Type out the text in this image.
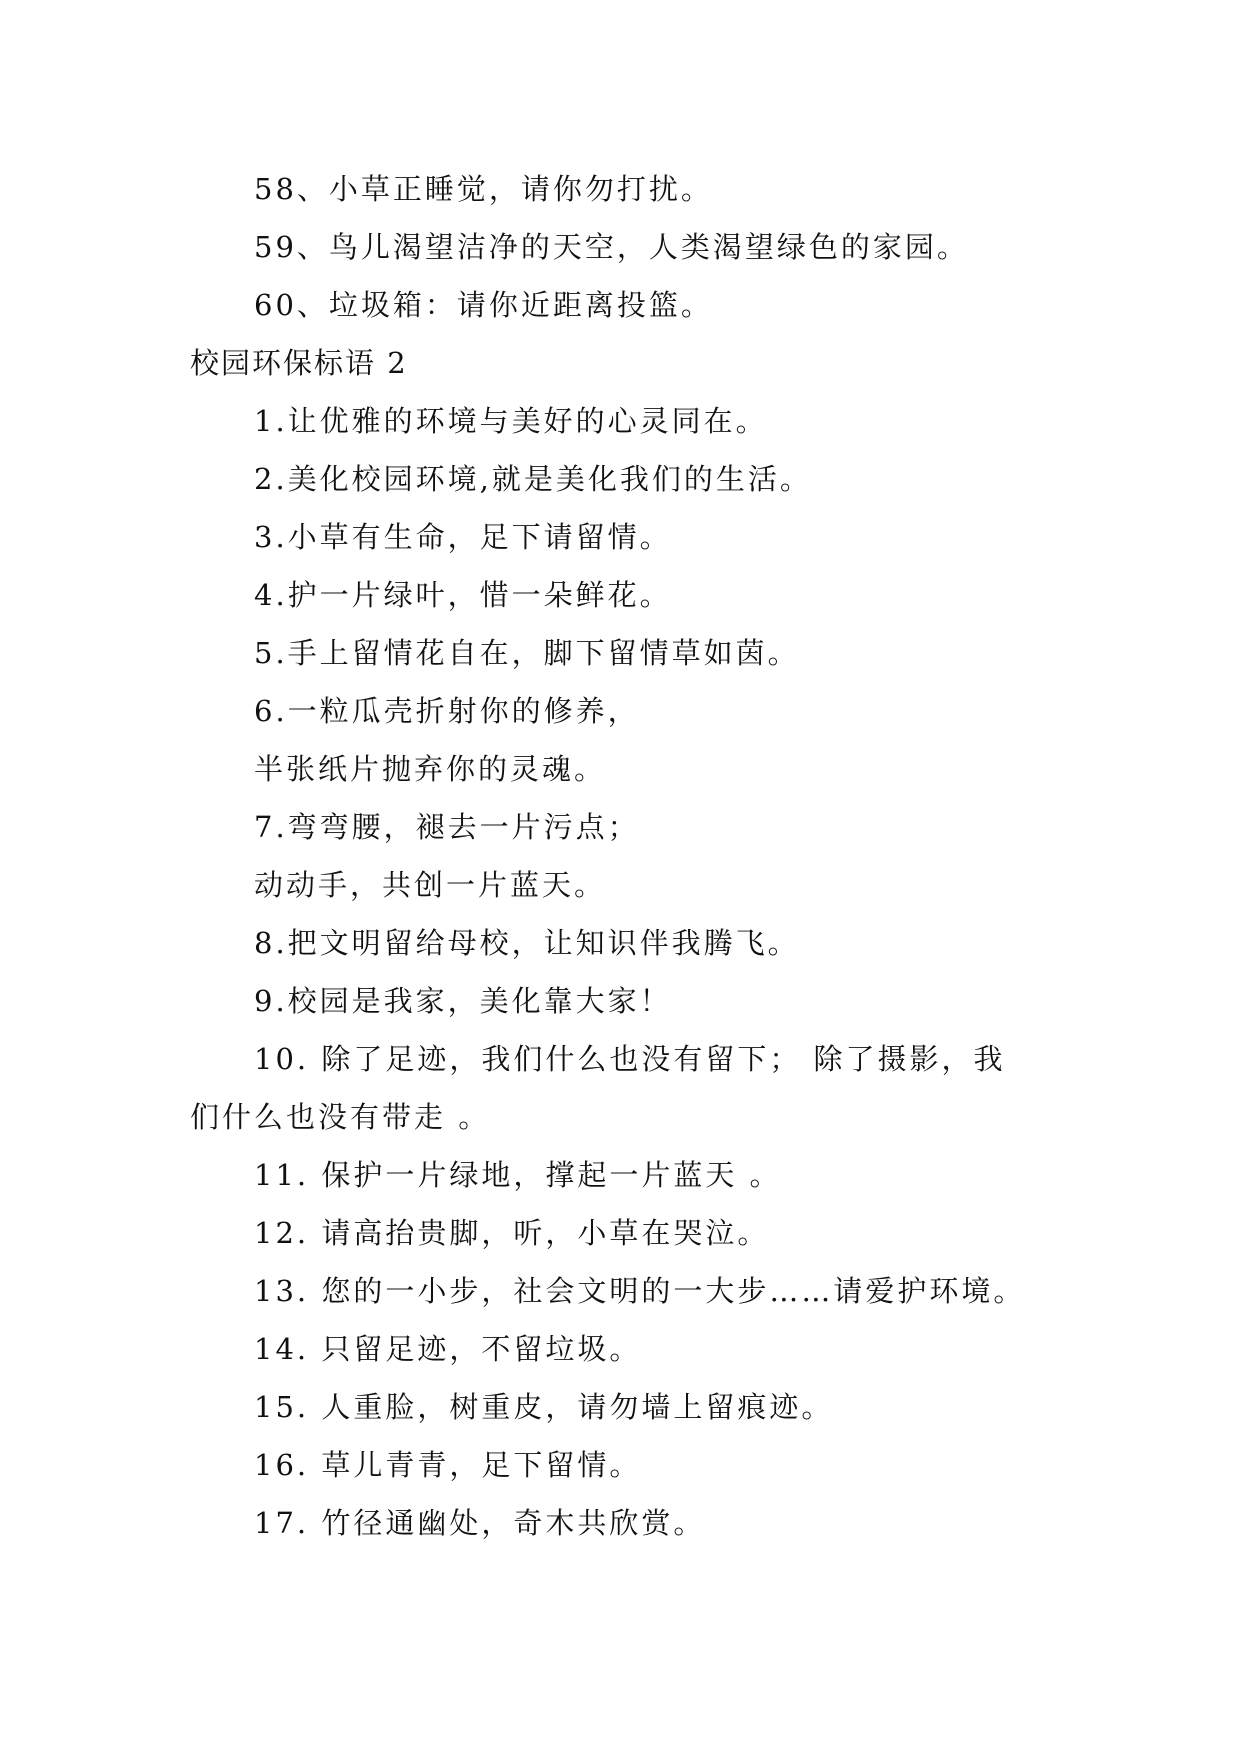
58、小草正睡觉，请你勿打扰。
59、鸟儿渴望洁净的天空，人类渴望绿色的家园。
60、垃圾箱：请你近距离投篮。
校园环保标语 2
1.让优雅的环境与美好的心灵同在。
2.美化校园环境,就是美化我们的生活。
3.小草有生命，足下请留情。
4.护一片绿叶，惜一朵鲜花。
5.手上留情花自在，脚下留情草如茵。
6.一粒瓜壳折射你的修养，
半张纸片抛弃你的灵魂。
7.弯弯腰，褪去一片污点；
动动手，共创一片蓝天。
8.把文明留给母校，让知识伴我腾飞。
9.校园是我家，美化靠大家！
10. 除了足迹，我们什么也没有留下； 除了摄影，我
们什么也没有带走 。
11. 保护一片绿地，撑起一片蓝天 。
12. 请高抬贵脚，听，小草在哭泣。
13. 您的一小步，社会文明的一大步……请爱护环境。
14. 只留足迹，不留垃圾。
15. 人重脸，树重皮，请勿墙上留痕迹。
16. 草儿青青，足下留情。
17. 竹径通幽处，奇木共欣赏。
